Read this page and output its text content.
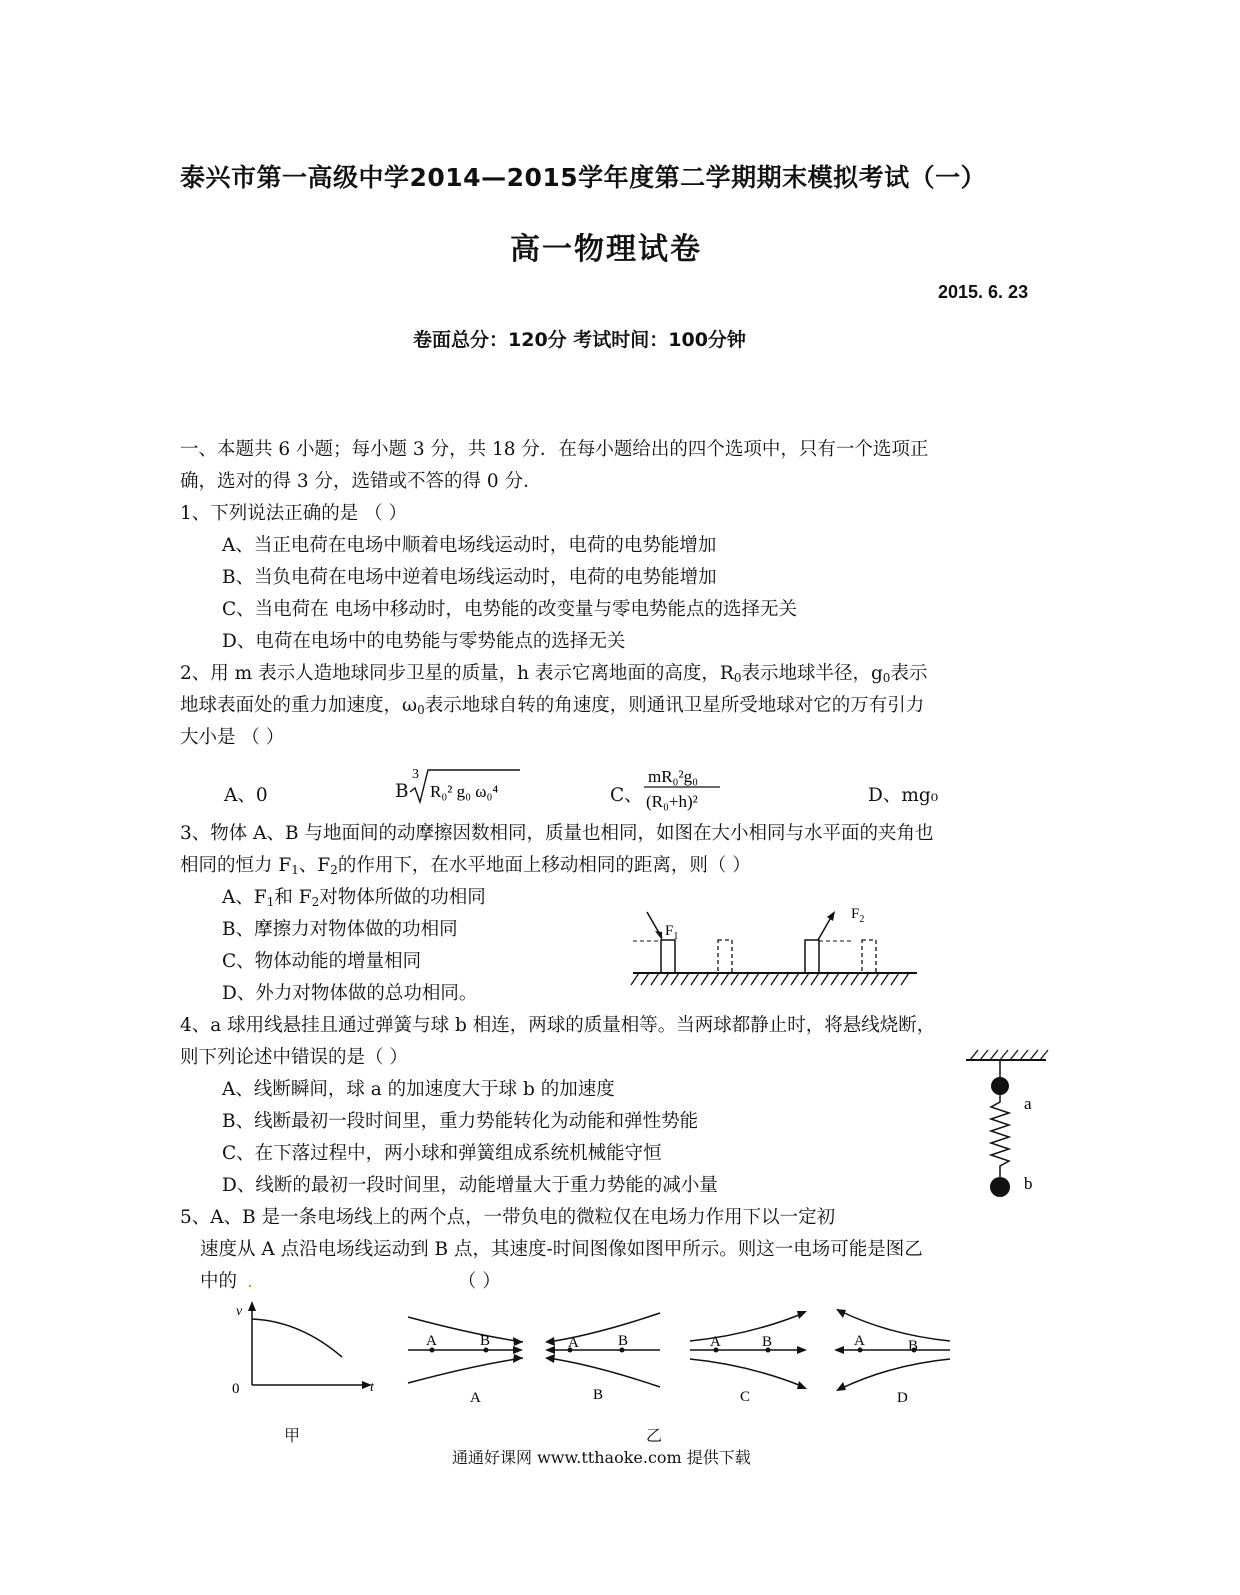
泰兴市第一高级中学2014—2015学年度第二学期期末模拟考试（一）
高一物理试卷
2015. 6. 23
卷面总分：120分 考试时间：100分钟
一、本题共 6 小题；每小题 3 分，共 18 分．在每小题给出的四个选项中，只有一个选项正
确，选对的得 3 分，选错或不答的得 0 分．
1、下列说法正确的是 （ ）
A、当正电荷在电场中顺着电场线运动时，电荷的电势能增加
B、当负电荷在电场中逆着电场线运动时，电荷的电势能增加
C、当电荷在 电场中移动时，电势能的改变量与零电势能点的选择无关
D、电荷在电场中的电势能与零势能点的选择无关
2、用 m 表示人造地球同步卫星的质量，h 表示它离地面的高度，$R_0$表示地球半径，$g_0$表示
地球表面处的重力加速度，$\omega_0$表示地球自转的角速度，则通讯卫星所受地球对它的万有引力
大小是 （ ）
A、0	B
3
R₀² g₀ ω₀⁴	C、
mR₀²g₀
(R₀+h)²	D、mg₀
3、物体 A、B 与地面间的动摩擦因数相同，质量也相同，如图在大小相同与水平面的夹角也
相同的恒力 $F_1$、$F_2$的作用下，在水平地面上移动相同的距离，则（ ）
A、$F_1$和 $F_2$对物体所做的功相同
B、摩擦力对物体做的功相同
C、物体动能的增量相同
D、外力对物体做的总功相同。
$F_1$
$F_2$
4、a 球用线悬挂且通过弹簧与球 b 相连，两球的质量相等。当两球都静止时，将悬线烧断，
则下列论述中错误的是（ ）
A、线断瞬间，球 a 的加速度大于球 b 的加速度
B、线断最初一段时间里，重力势能转化为动能和弹性势能
C、在下落过程中，两小球和弹簧组成系统机械能守恒
D、线断的最初一段时间里，动能增量大于重力势能的减小量
a
b
5、A、B 是一条电场线上的两个点，一带负电的微粒仅在电场力作用下以一定初
速度从 A 点沿电场线运动到 B 点，其速度-时间图像如图甲所示。则这一电场可能是图乙
中的 .	（ ）
v
t
0
A	B
A
A	B
B
A	B
C
A	B
D
甲	乙
通通好课网 www.tthaoke.com 提供下载
